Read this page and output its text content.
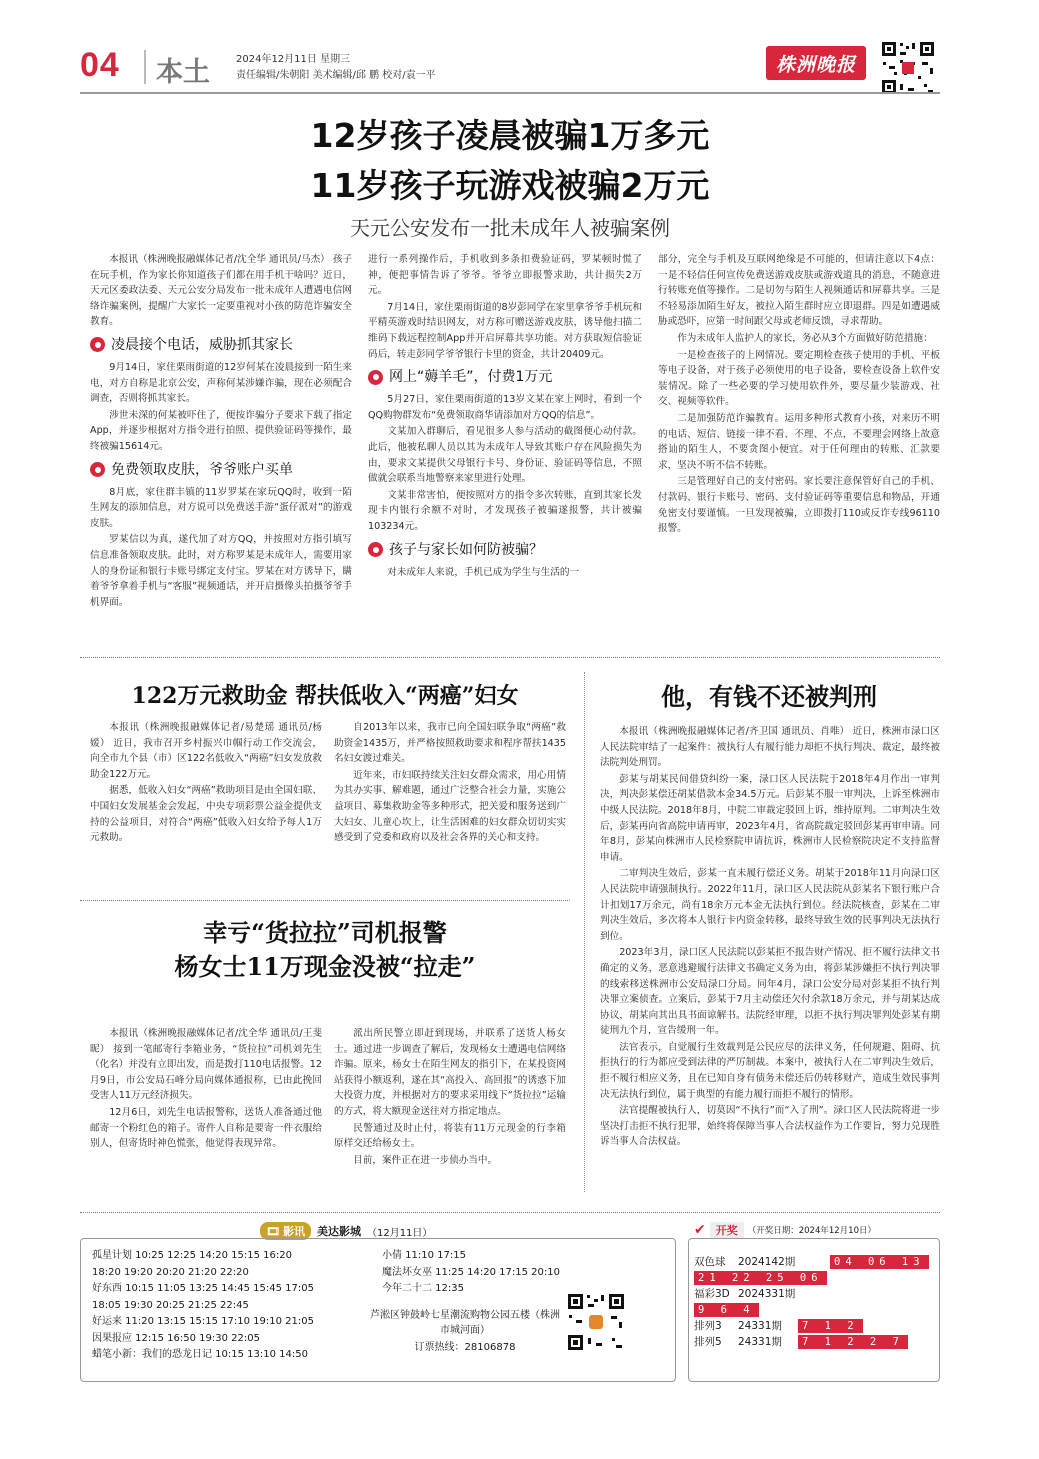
04 本土	2024年12月11日 星期三
责任编辑/朱朝阳 美术编辑/邱 鹏 校对/袁一平	株洲晚报
12岁孩子凌晨被骗1万多元
11岁孩子玩游戏被骗2万元
天元公安发布一批未成年人被骗案例

本报讯（株洲晚报融媒体记者/沈全华 通讯员/马杰） 孩子在玩手机，作为家长你知道孩子们都在用手机干啥吗？近日，天元区委政法委、天元公安分局发布一批未成年人遭遇电信网络诈骗案例，提醒广大家长一定要重视对小孩的防范诈骗安全教育。

凌晨接个电话，威胁抓其家长

9月14日，家住栗雨街道的12岁何某在凌晨接到一陌生来电，对方自称是北京公安，声称何某涉嫌诈骗，现在必须配合调查，否则将抓其家长。

涉世未深的何某被吓住了，便按诈骗分子要求下载了指定App，并逐步根据对方指令进行拍照、提供验证码等操作，最终被骗15614元。

免费领取皮肤，爷爷账户买单

8月底，家住群丰镇的11岁罗某在家玩QQ时，收到一陌生网友的添加信息，对方说可以免费送手游“蛋仔派对”的游戏皮肤。

罗某信以为真，遂代加了对方QQ，并按照对方指引填写信息准备领取皮肤。此时，对方称罗某是未成年人，需要用家人的身份证和银行卡账号绑定支付宝。罗某在对方诱导下，瞒着爷爷拿着手机与“客服”视频通话，并开启摄像头拍摄爷爷手机界面。

进行一系列操作后，手机收到多条扣费验证码，罗某顿时慌了神，便把事情告诉了爷爷。爷爷立即报警求助，共计损失2万元。

7月14日，家住栗雨街道的8岁彭同学在家里拿爷爷手机玩和平精英游戏时结识网友，对方称可赠送游戏皮肤，诱导他扫描二维码下载远程控制App并开启屏幕共享功能。对方获取短信验证码后，转走彭同学爷爷银行卡里的资金，共计20409元。

网上“薅羊毛”，付费1万元

5月27日，家住栗雨街道的13岁文某在家上网时，看到一个QQ购物群发布“免费领取商华请添加对方QQ的信息”。

文某加入群聊后，看见很多人参与活动的截图便心动付款。此后，他被私聊人员以其为未成年人导致其账户存在风险损失为由，要求文某提供父母银行卡号、身份证、验证码等信息，不照做就会联系当地警察来家里进行处理。

文某非常害怕，便按照对方的指令多次转账，直到其家长发现卡内银行余额不对时，才发现孩子被骗遂报警，共计被骗103234元。

孩子与家长如何防被骗？

对未成年人来说，手机已成为学生与生活的一

部分，完全与手机及互联网绝缘是不可能的，但请注意以下4点：一是不轻信任何宣传免费送游戏皮肤或游戏道具的消息，不随意进行转账充值等操作。二是切勿与陌生人视频通话和屏幕共享。三是不轻易添加陌生好友，被拉入陌生群时应立即退群。四是如遭遇威胁或恐吓，应第一时间跟父母或老师反馈，寻求帮助。

作为未成年人监护人的家长，务必从3个方面做好防范措施：

一是检查孩子的上网情况。要定期检查孩子使用的手机、平板等电子设备，对于孩子必须使用的电子设备，要检查设备上软件安装情况。除了一些必要的学习使用软件外，要尽量少装游戏、社交、视频等软件。

二是加强防范诈骗教育。运用多种形式教育小孩，对来历不明的电话、短信、链接一律不看、不理、不点，不要理会网络上故意搭讪的陌生人，不要贪图小便宜。对于任何理由的转账、汇款要求，坚决不听不信不转账。

三是管理好自己的支付密码。家长要注意保管好自己的手机、付款码、银行卡账号、密码、支付验证码等重要信息和物品，开通免密支付要谨慎。一旦发现被骗，立即拨打110或反诈专线96110报警。

122万元救助金 帮扶低收入“两癌”妇女

本报讯（株洲晚报融媒体记者/易楚瑶 通讯员/杨媛） 近日，我市召开乡村振兴巾帼行动工作交流会，向全市九个县（市）区122名低收入“两癌”妇女发放救助金122万元。

据悉，低收入妇女“两癌”救助项目是由全国妇联、中国妇女发展基金会发起，中央专项彩票公益金提供支持的公益项目，对符合“两癌”低收入妇女给予每人1万元救助。

自2013年以来，我市已向全国妇联争取“两癌”救助资金1435万，并严格按照救助要求和程序帮扶1435名妇女渡过难关。

近年来，市妇联持续关注妇女群众需求，用心用情为其办实事、解难题，通过广泛整合社会力量，实施公益项目、募集救助金等多种形式，把关爱和服务送到广大妇女、儿童心坎上，让生活困难的妇女群众切切实实感受到了党委和政府以及社会各界的关心和支持。

幸亏“货拉拉”司机报警
杨女士11万现金没被“拉走”

本报讯（株洲晚报融媒体记者/沈全华 通讯员/王斐昵） 接到一笔邮寄行李箱业务，“货拉拉”司机刘先生（化名）并没有立即出发，而是拨打110电话报警。12月9日，市公安局石峰分局向媒体通报称，已由此挽回受害人11万元经济损失。

12月6日，刘先生电话报警称，送货人准备通过他邮寄一个粉红色的箱子。寄件人自称是要寄一件衣服给别人，但寄货时神色慌张，他觉得表现异常。

派出所民警立即赶到现场，并联系了送货人杨女士。通过进一步调查了解后，发现杨女士遭遇电信网络诈骗。原来，杨女士在陌生网友的指引下，在某投资网站获得小额返利，遂在其“高投入、高回报”的诱惑下加大投资力度，并根据对方的要求采用线下“货拉拉”运输的方式，将大额现金送往对方指定地点。

民警通过及时止付，将装有11万元现金的行李箱原样交还给杨女士。

目前，案件正在进一步侦办当中。

他，有钱不还被判刑

本报讯（株洲晚报融媒体记者/齐卫国 通讯员、肖唯） 近日，株洲市渌口区人民法院审结了一起案件：被执行人有履行能力却拒不执行判决、裁定，最终被法院判处刑罚。

彭某与胡某民间借贷纠纷一案，渌口区人民法院于2018年4月作出一审判决，判决彭某偿还胡某借款本金34.5万元。后彭某不服一审判决，上诉至株洲市中级人民法院。2018年8月，中院二审裁定驳回上诉，维持原判。二审判决生效后，彭某再向省高院申请再审，2023年4月，省高院裁定驳回彭某再审申请。同年8月，彭某向株洲市人民检察院申请抗诉，株洲市人民检察院决定不支持监督申请。

二审判决生效后，彭某一直未履行偿还义务。胡某于2018年11月向渌口区人民法院申请强制执行。2022年11月，渌口区人民法院从彭某名下银行账户合计扣划17万余元，尚有18余万元本金无法执行到位。经法院核查，彭某在二审判决生效后，多次将本人银行卡内资金转移，最终导致生效的民事判决无法执行到位。

2023年3月，渌口区人民法院以彭某拒不报告财产情况、拒不履行法律文书确定的义务，恶意逃避履行法律文书确定义务为由，将彭某涉嫌拒不执行判决罪的线索移送株洲市公安局渌口分局。同年4月，渌口公安分局对彭某拒不执行判决罪立案侦查。立案后，彭某于7月主动偿还欠付余款18万余元，并与胡某达成协议，胡某向其出具书面谅解书。法院经审理，以拒不执行判决罪判处彭某有期徒刑九个月，宣告缓刑一年。

法官表示，自觉履行生效裁判是公民应尽的法律义务，任何规避、阻碍、抗拒执行的行为都应受到法律的严厉制裁。本案中，被执行人在二审判决生效后，拒不履行相应义务，且在已知自身有债务未偿还后仍转移财产，造成生效民事判决无法执行到位，属于典型的有能力履行而拒不履行的情形。

法官提醒被执行人，切莫因“不执行”而“入了刑”。渌口区人民法院将进一步坚决打击拒不执行犯罪，始终将保障当事人合法权益作为工作要旨，努力兑现胜诉当事人合法权益。

🎞 影讯 美达影城 （12月11日）
孤星计划 10:25 12:25 14:20 15:15 16:20
18:20 19:20 20:20 21:20 22:20
好东西 10:15 11:05 13:25 14:45 15:45 17:05
18:05 19:30 20:25 21:25 22:45
好运来 11:20 13:15 15:15 17:10 19:10 21:05
因果报应 12:15 16:50 19:30 22:05
蜡笔小新：我们的恐龙日记 10:15 13:10 14:50
小倩 11:10 17:15
魔法坏女巫 11:25 14:20 17:15 20:10
今年二十二 12:35
芦淞区钟鼓岭七星潮流购物公园五楼（株洲市城河面）
订票热线：28106878
✔ 开奖	（开奖日期：2024年12月10日）
双色球 2024142期	04 06 13
21 22 25 06
福彩3D 2024331期
9 6 4
排列3 24331期 7 1 2
排列5 24331期 7 1 2 2 7
